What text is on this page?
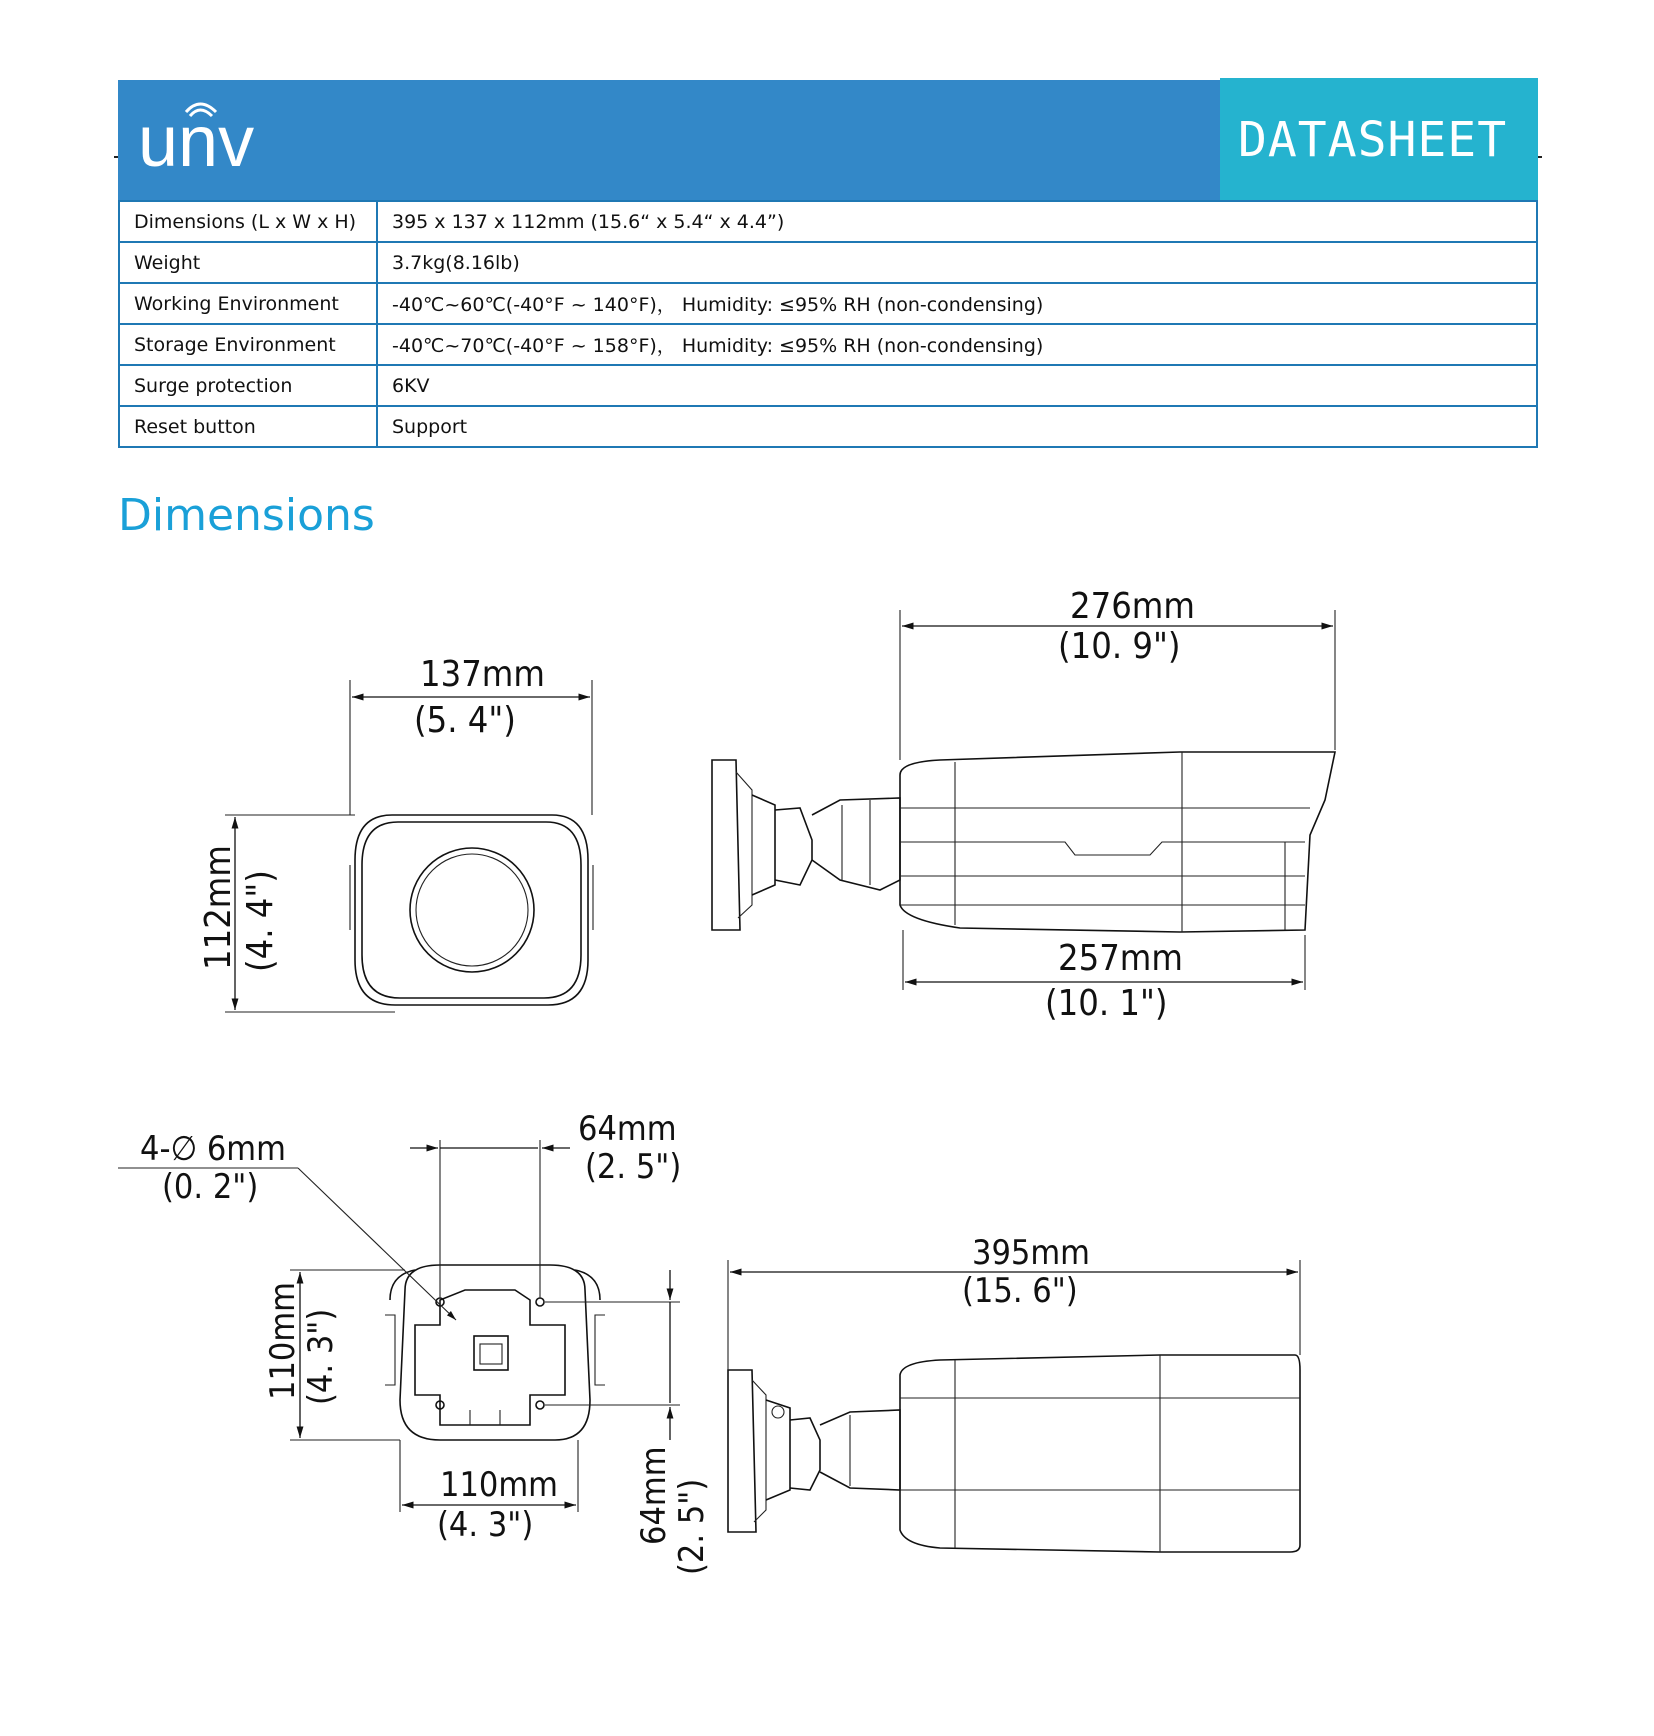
unv	DATASHEET
Dimensions (L x W x H)	395 x 137 x 112mm (15.6“ x 5.4“ x 4.4”)
Weight	3.7kg(8.16lb)
Working Environment	-40℃~60℃(-40°F ~ 140°F)， Humidity: ≤95% RH (non-condensing)
Storage Environment	-40℃~70℃(-40°F ~ 158°F)， Humidity: ≤95% RH (non-condensing)
Surge protection	6KV
Reset button	Support
Dimensions
137mm
(5. 4")
112mm (4. 4")
276mm
(10. 9")
257mm
(10. 1")
4-∅ 6mm
(0. 2")
64mm
(2. 5")
110mm
(4. 3")
110mm
(4. 3")	64mm
(2. 5")
395mm
(15. 6")
